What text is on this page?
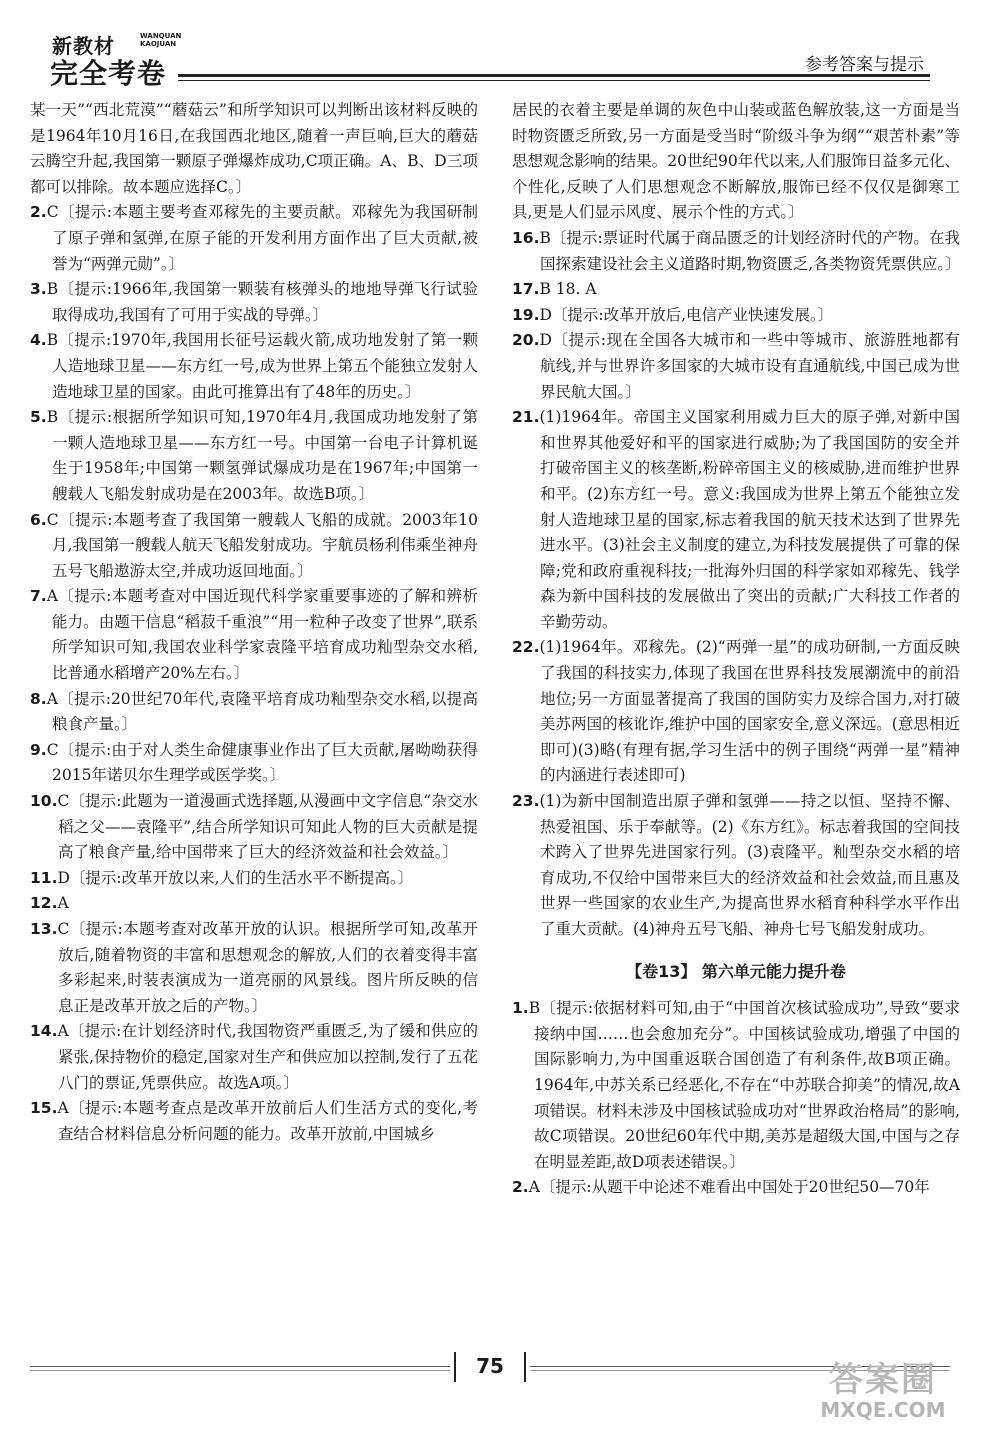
新教材	WANQUAN
KAOJUAN
完全考卷	参考答案与提示

某一天”“西北荒漠”“蘑菇云”和所学知识可以判断出该材料反映的是1964年10月16日,在我国西北地区,随着一声巨响,巨大的蘑菇云腾空升起,我国第一颗原子弹爆炸成功,C项正确。A、B、D三项都可以排除。故本题应选择C。〕

2.C〔提示:本题主要考查邓稼先的主要贡献。邓稼先为我国研制了原子弹和氢弹,在原子能的开发利用方面作出了巨大贡献,被誉为“两弹元勋”。〕

3.B〔提示:1966年,我国第一颗装有核弹头的地地导弹飞行试验取得成功,我国有了可用于实战的导弹。〕

4.B〔提示:1970年,我国用长征号运载火箭,成功地发射了第一颗人造地球卫星——东方红一号,成为世界上第五个能独立发射人造地球卫星的国家。由此可推算出有了48年的历史。〕

5.B〔提示:根据所学知识可知,1970年4月,我国成功地发射了第一颗人造地球卫星——东方红一号。中国第一台电子计算机诞生于1958年;中国第一颗氢弹试爆成功是在1967年;中国第一艘载人飞船发射成功是在2003年。故选B项。〕

6.C〔提示:本题考查了我国第一艘载人飞船的成就。2003年10月,我国第一艘载人航天飞船发射成功。宇航员杨利伟乘坐神舟五号飞船遨游太空,并成功返回地面。〕

7.A〔提示:本题考查对中国近现代科学家重要事迹的了解和辨析能力。由题干信息“稻菽千重浪”“用一粒种子改变了世界”,联系所学知识可知,我国农业科学家袁隆平培育成功籼型杂交水稻,比普通水稻增产20%左右。〕

8.A〔提示:20世纪70年代,袁隆平培育成功籼型杂交水稻,以提高粮食产量。〕

9.C〔提示:由于对人类生命健康事业作出了巨大贡献,屠呦呦获得2015年诺贝尔生理学或医学奖。〕

10.C〔提示:此题为一道漫画式选择题,从漫画中文字信息“杂交水稻之父——袁隆平”,结合所学知识可知此人物的巨大贡献是提高了粮食产量,给中国带来了巨大的经济效益和社会效益。〕

11.D〔提示:改革开放以来,人们的生活水平不断提高。〕

12.A

13.C〔提示:本题考查对改革开放的认识。根据所学可知,改革开放后,随着物资的丰富和思想观念的解放,人们的衣着变得丰富多彩起来,时装表演成为一道亮丽的风景线。图片所反映的信息正是改革开放之后的产物。〕

14.A〔提示:在计划经济时代,我国物资严重匮乏,为了缓和供应的紧张,保持物价的稳定,国家对生产和供应加以控制,发行了五花八门的票证,凭票供应。故选A项。〕

15.A〔提示:本题考查点是改革开放前后人们生活方式的变化,考查结合材料信息分析问题的能力。改革开放前,中国城乡

居民的衣着主要是单调的灰色中山装或蓝色解放装,这一方面是当时物资匮乏所致,另一方面是受当时“阶级斗争为纲”“艰苦朴素”等思想观念影响的结果。20世纪90年代以来,人们服饰日益多元化、个性化,反映了人们思想观念不断解放,服饰已经不仅仅是御寒工具,更是人们显示风度、展示个性的方式。〕

16.B〔提示:票证时代属于商品匮乏的计划经济时代的产物。在我国探索建设社会主义道路时期,物资匮乏,各类物资凭票供应。〕

17.B 18. A

19.D〔提示:改革开放后,电信产业快速发展。〕

20.D〔提示:现在全国各大城市和一些中等城市、旅游胜地都有航线,并与世界许多国家的大城市设有直通航线,中国已成为世界民航大国。〕

21.(1)1964年。帝国主义国家利用威力巨大的原子弹,对新中国和世界其他爱好和平的国家进行威胁;为了我国国防的安全并打破帝国主义的核垄断,粉碎帝国主义的核威胁,进而维护世界和平。(2)东方红一号。意义:我国成为世界上第五个能独立发射人造地球卫星的国家,标志着我国的航天技术达到了世界先进水平。(3)社会主义制度的建立,为科技发展提供了可靠的保障;党和政府重视科技;一批海外归国的科学家如邓稼先、钱学森为新中国科技的发展做出了突出的贡献;广大科技工作者的辛勤劳动。

22.(1)1964年。邓稼先。(2)“两弹一星”的成功研制,一方面反映了我国的科技实力,体现了我国在世界科技发展潮流中的前沿地位;另一方面显著提高了我国的国防实力及综合国力,对打破美苏两国的核讹诈,维护中国的国家安全,意义深远。(意思相近即可)(3)略(有理有据,学习生活中的例子围绕“两弹一星”精神的内涵进行表述即可)

23.(1)为新中国制造出原子弹和氢弹——持之以恒、坚持不懈、热爱祖国、乐于奉献等。(2)《东方红》。标志着我国的空间技术跨入了世界先进国家行列。(3)袁隆平。籼型杂交水稻的培育成功,不仅给中国带来巨大的经济效益和社会效益,而且惠及世界一些国家的农业生产,为提高世界水稻育种科学水平作出了重大贡献。(4)神舟五号飞船、神舟七号飞船发射成功。

【卷13】 第六单元能力提升卷

1.B〔提示:依据材料可知,由于“中国首次核试验成功”,导致“要求接纳中国……也会愈加充分”。中国核试验成功,增强了中国的国际影响力,为中国重返联合国创造了有利条件,故B项正确。1964年,中苏关系已经恶化,不存在“中苏联合抑美”的情况,故A项错误。材料未涉及中国核试验成功对“世界政治格局”的影响,故C项错误。20世纪60年代中期,美苏是超级大国,中国与之存在明显差距,故D项表述错误。〕

2.A〔提示:从题干中论述不难看出中国处于20世纪50—70年

75	答案圈
MXQE.COM
